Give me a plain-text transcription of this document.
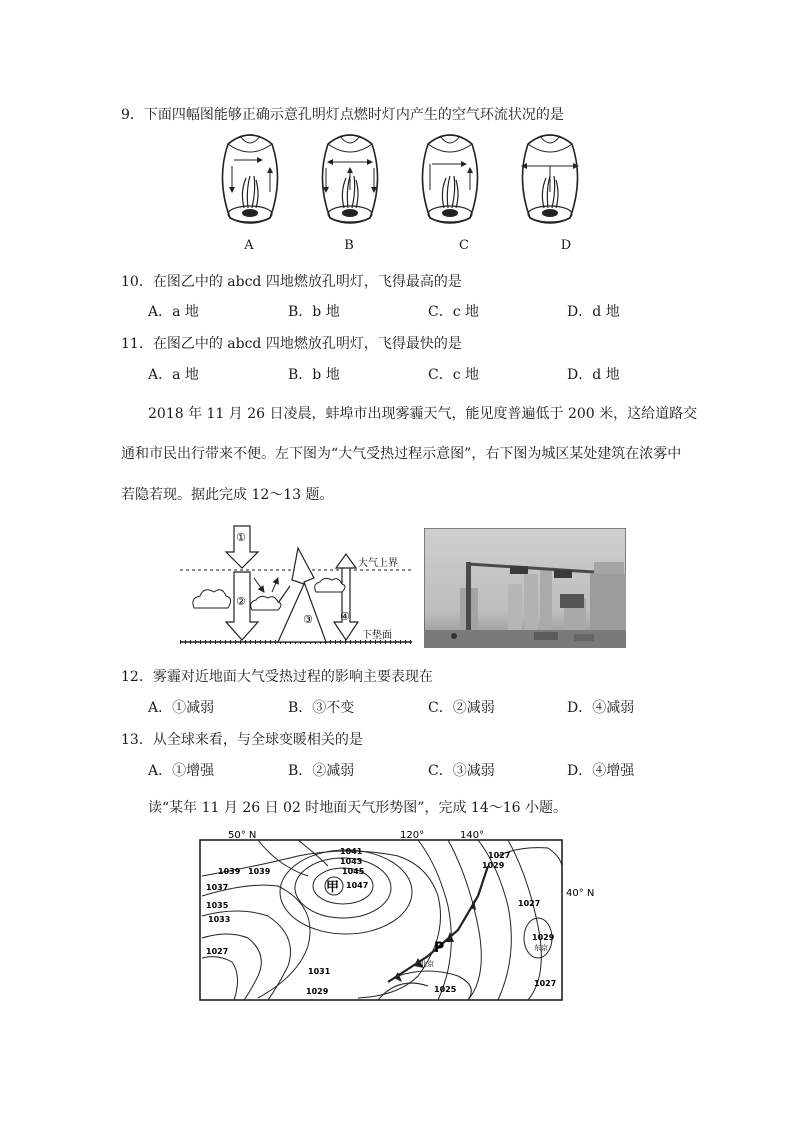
9．下面四幅图能够正确示意孔明灯点燃时灯内产生的空气环流状况的是
A	B	C	D
10．在图乙中的 abcd 四地燃放孔明灯，飞得最高的是
A．a 地	B．b 地	C．c 地	D．d 地
11．在图乙中的 abcd 四地燃放孔明灯，飞得最快的是
A．a 地	B．b 地	C．c 地	D．d 地
2018 年 11 月 26 日凌晨，蚌埠市出现雾霾天气，能见度普遍低于 200 米，这给道路交
通和市民出行带来不便。左下图为“大气受热过程示意图”，右下图为城区某处建筑在浓雾中
若隐若现。据此完成 12～13 题。
①
②
③ ④
大气上界
下垫面
12．雾霾对近地面大气受热过程的影响主要表现在
A．①减弱	B．③不变	C．②减弱	D．④减弱
13．从全球来看，与全球变暖相关的是
A．①增强	B．②减弱	C．③减弱	D．④增强
读“某年 11 月 26 日 02 时地面天气形势图”，完成 14～16 小题。
50° N
40° N
120°	140°
1039 1039
1037
1035
1033
1027
1041
1043
1045
1047
1031
1029
1027
1029
1027
1029
1027
1025
甲
P
北京
东京
